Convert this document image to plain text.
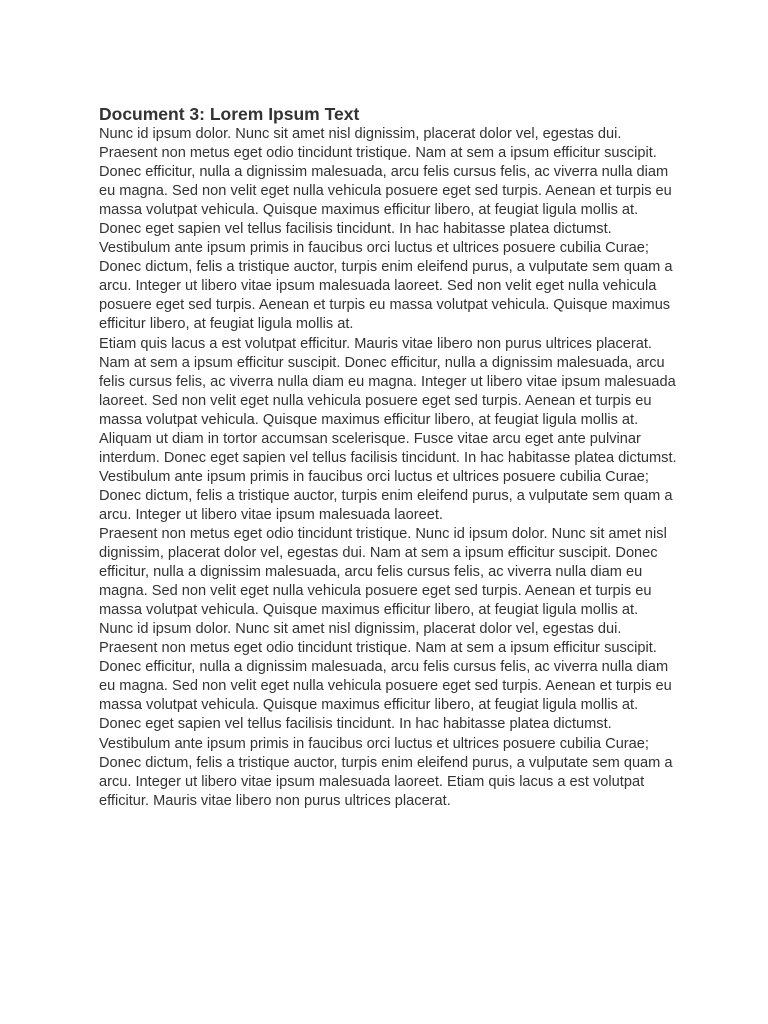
Document 3: Lorem Ipsum Text

Nunc id ipsum dolor. Nunc sit amet nisl dignissim, placerat dolor vel, egestas dui. Praesent non metus eget odio tincidunt tristique. Nam at sem a ipsum efficitur suscipit. Donec efficitur, nulla a dignissim malesuada, arcu felis cursus felis, ac viverra nulla diam eu magna. Sed non velit eget nulla vehicula posuere eget sed turpis. Aenean et turpis eu massa volutpat vehicula. Quisque maximus efficitur libero, at feugiat ligula mollis at.

Donec eget sapien vel tellus facilisis tincidunt. In hac habitasse platea dictumst. Vestibulum ante ipsum primis in faucibus orci luctus et ultrices posuere cubilia Curae; Donec dictum, felis a tristique auctor, turpis enim eleifend purus, a vulputate sem quam a arcu. Integer ut libero vitae ipsum malesuada laoreet. Sed non velit eget nulla vehicula posuere eget sed turpis. Aenean et turpis eu massa volutpat vehicula. Quisque maximus efficitur libero, at feugiat ligula mollis at.

Etiam quis lacus a est volutpat efficitur. Mauris vitae libero non purus ultrices placerat. Nam at sem a ipsum efficitur suscipit. Donec efficitur, nulla a dignissim malesuada, arcu felis cursus felis, ac viverra nulla diam eu magna. Integer ut libero vitae ipsum malesuada laoreet. Sed non velit eget nulla vehicula posuere eget sed turpis. Aenean et turpis eu massa volutpat vehicula. Quisque maximus efficitur libero, at feugiat ligula mollis at.

Aliquam ut diam in tortor accumsan scelerisque. Fusce vitae arcu eget ante pulvinar interdum. Donec eget sapien vel tellus facilisis tincidunt. In hac habitasse platea dictumst. Vestibulum ante ipsum primis in faucibus orci luctus et ultrices posuere cubilia Curae; Donec dictum, felis a tristique auctor, turpis enim eleifend purus, a vulputate sem quam a arcu. Integer ut libero vitae ipsum malesuada laoreet.

Praesent non metus eget odio tincidunt tristique. Nunc id ipsum dolor. Nunc sit amet nisl dignissim, placerat dolor vel, egestas dui. Nam at sem a ipsum efficitur suscipit. Donec efficitur, nulla a dignissim malesuada, arcu felis cursus felis, ac viverra nulla diam eu magna. Sed non velit eget nulla vehicula posuere eget sed turpis. Aenean et turpis eu massa volutpat vehicula. Quisque maximus efficitur libero, at feugiat ligula mollis at.

Nunc id ipsum dolor. Nunc sit amet nisl dignissim, placerat dolor vel, egestas dui. Praesent non metus eget odio tincidunt tristique. Nam at sem a ipsum efficitur suscipit. Donec efficitur, nulla a dignissim malesuada, arcu felis cursus felis, ac viverra nulla diam eu magna. Sed non velit eget nulla vehicula posuere eget sed turpis. Aenean et turpis eu massa volutpat vehicula. Quisque maximus efficitur libero, at feugiat ligula mollis at.

Donec eget sapien vel tellus facilisis tincidunt. In hac habitasse platea dictumst. Vestibulum ante ipsum primis in faucibus orci luctus et ultrices posuere cubilia Curae; Donec dictum, felis a tristique auctor, turpis enim eleifend purus, a vulputate sem quam a arcu. Integer ut libero vitae ipsum malesuada laoreet. Etiam quis lacus a est volutpat efficitur. Mauris vitae libero non purus ultrices placerat.
